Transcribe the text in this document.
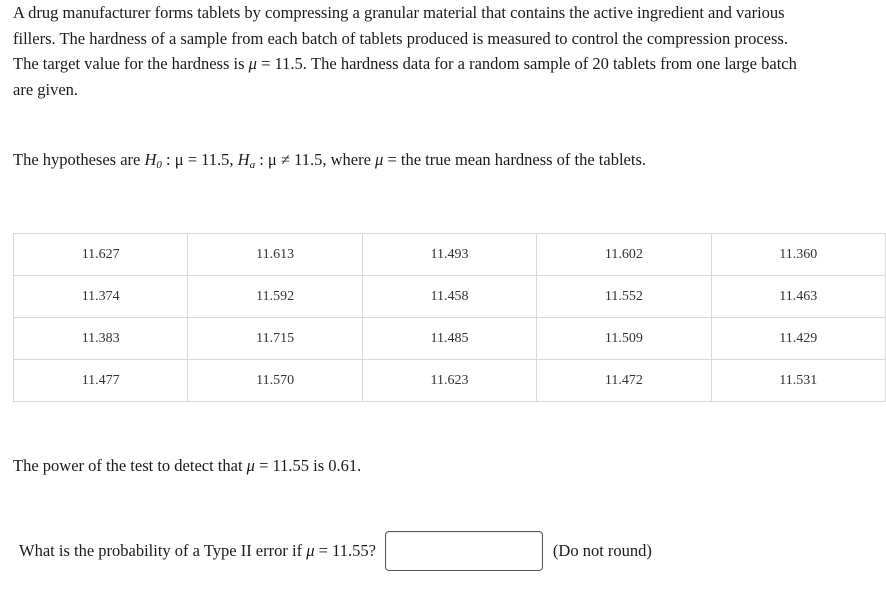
A drug manufacturer forms tablets by compressing a granular material that contains the active ingredient and various

fillers. The hardness of a sample from each batch of tablets produced is measured to control the compression process.

The target value for the hardness is μ = 11.5. The hardness data for a random sample of 20 tablets from one large batch

are given.

The hypotheses are $H_0$ : μ = 11.5, $H_a$ : μ ≠ 11.5, where μ = the true mean hardness of the tablets.
11.627	11.613	11.493	11.602	11.360
11.374	11.592	11.458	11.552	11.463
11.383	11.715	11.485	11.509	11.429
11.477	11.570	11.623	11.472	11.531
The power of the test to detect that μ = 11.55 is 0.61.
What is the probability of a Type II error if μ = 11.55?	(Do not round)
